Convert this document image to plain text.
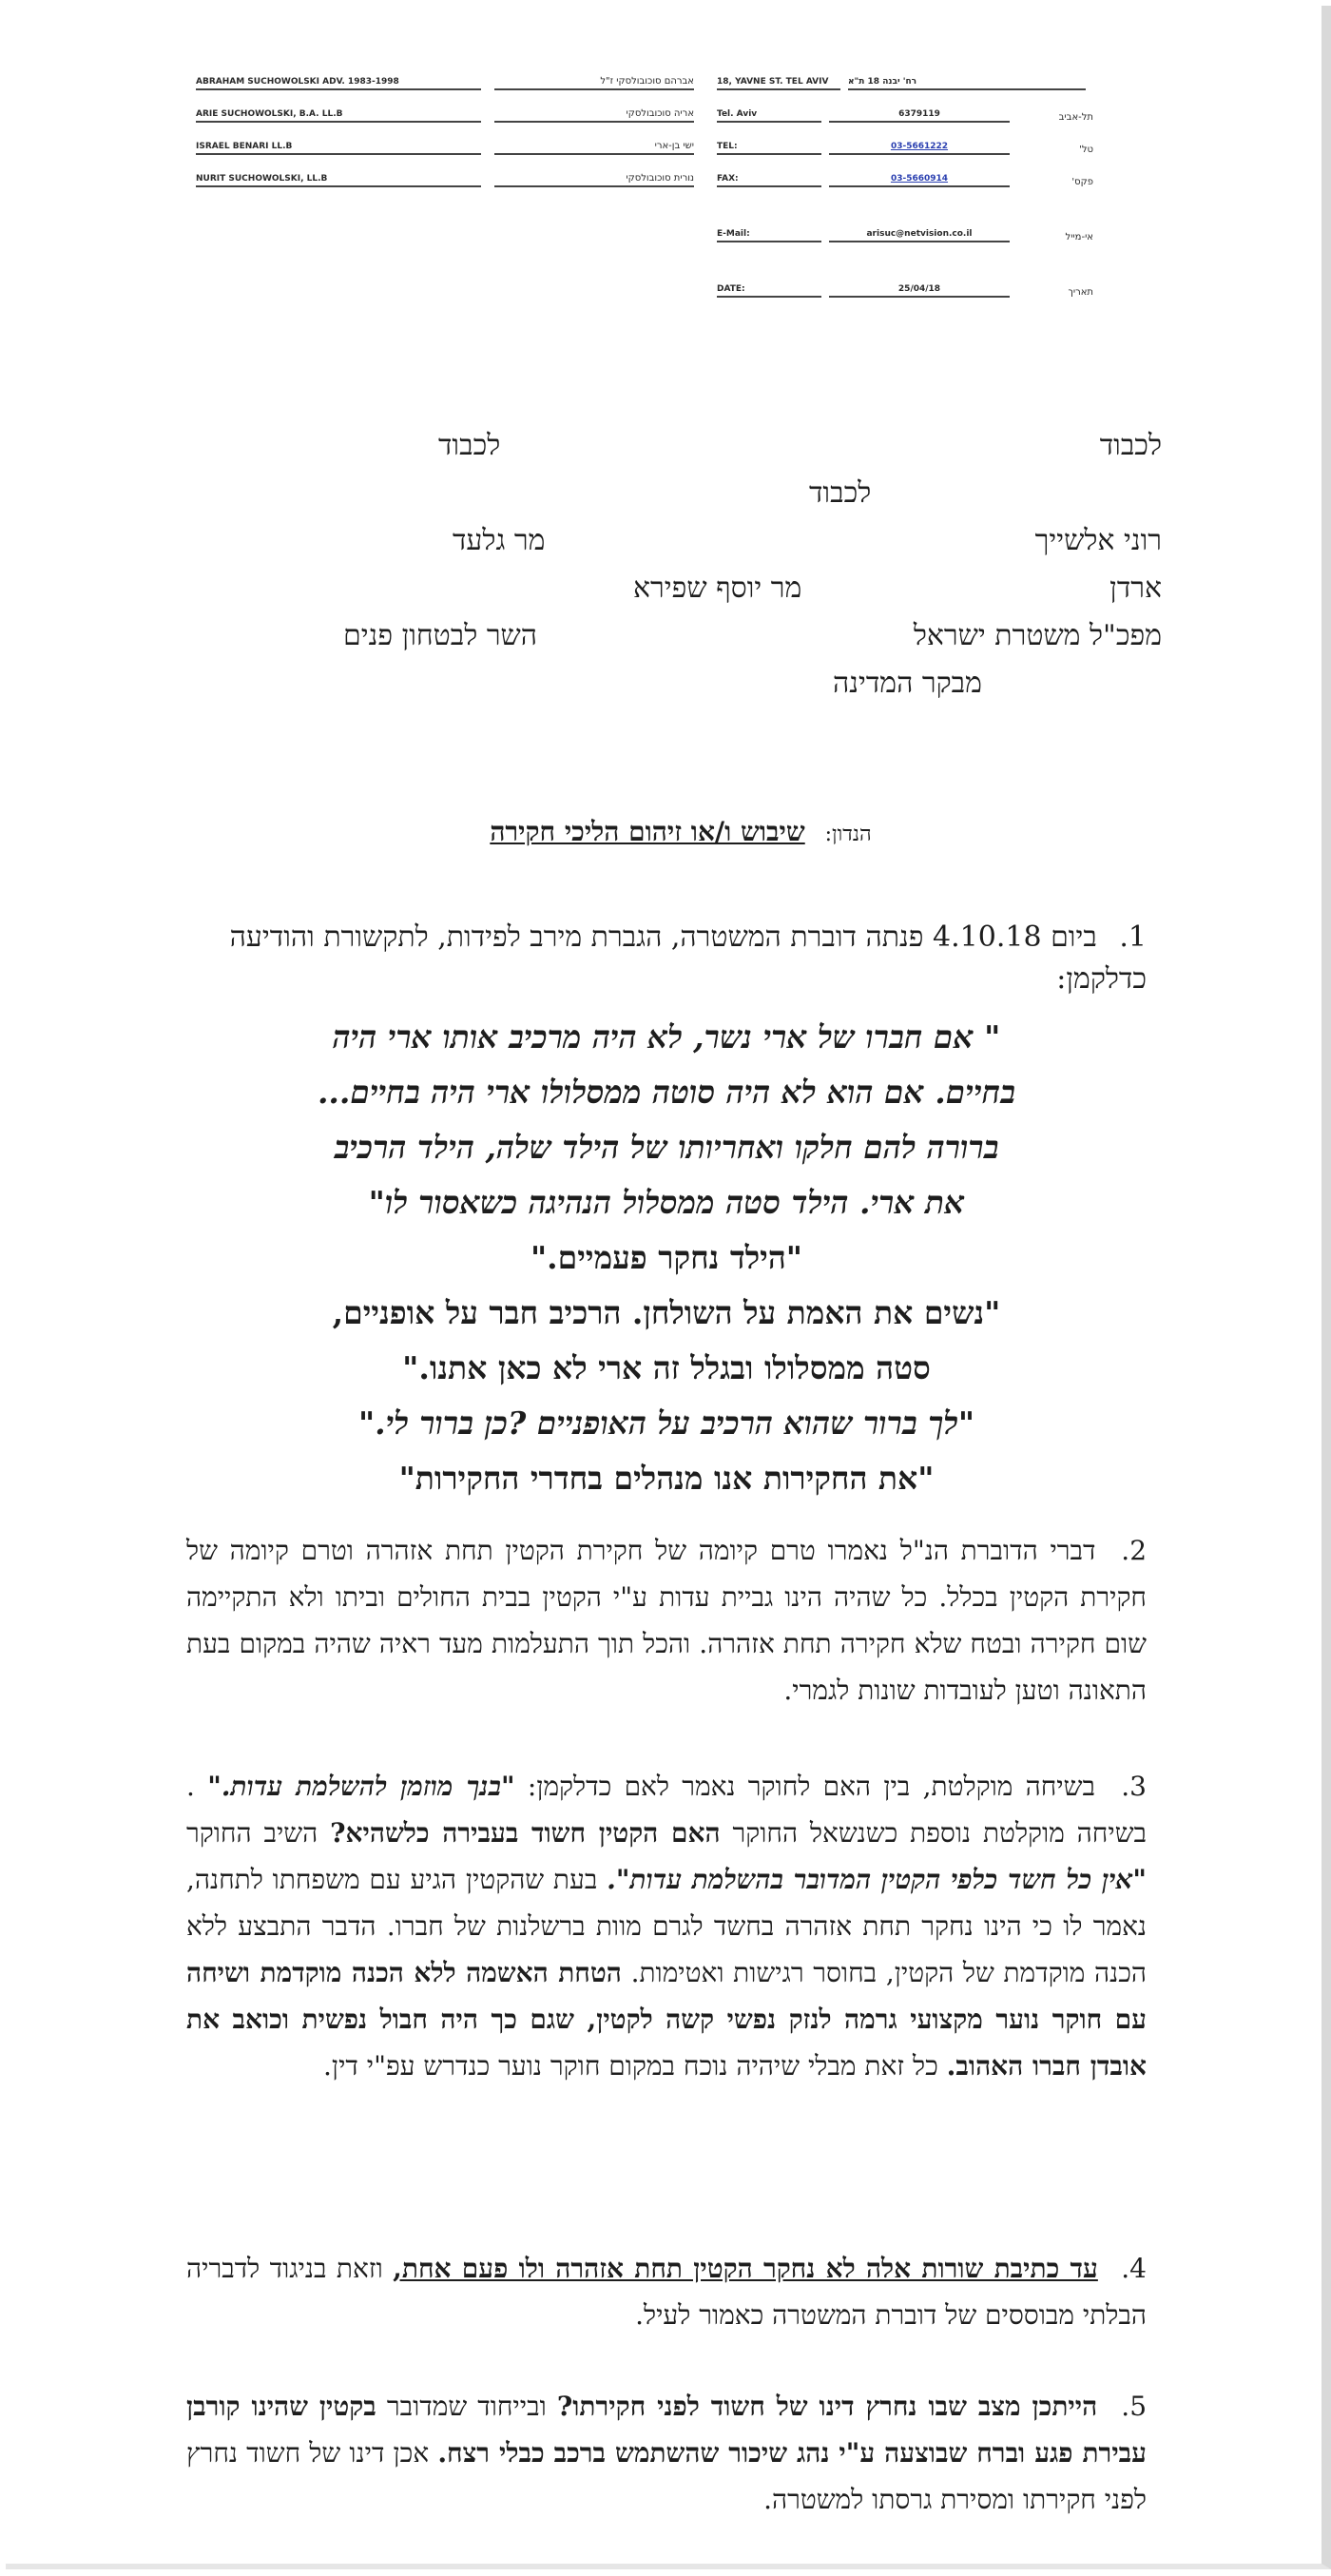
ABRAHAM SUCHOWOLSKI ADV. 1983-1998	אברהם סוכובולסקי ז"ל
ARIE SUCHOWOLSKI, B.A. LL.B	אריה סוכובולסקי
ISRAEL BENARI LL.B	ישי בן-ארי
NURIT SUCHOWOLSKI, LL.B	נורית סוכובולסקי
18, YAVNE ST. TEL AVIV	רח' יבנה 18 ת"א
Tel. Aviv	6379119	תל-אביב
TEL:	03-5661222	טל'
FAX:	03-5660914	פקס'
E-Mail:	arisuc@netvision.co.il	אי-מייל
DATE:	25/04/18	תאריך
לכבוד
לכבוד
לכבוד
רוני אלשייך
מר גלעד
ארדן
מר יוסף שפירא
מפכ"ל משטרת ישראל
השר לבטחון פנים
מבקר המדינה
הנדון: שיבוש ו/או זיהום הליכי חקירה
1. ביום 4.10.18 פנתה דוברת המשטרה, הגברת מירב לפידות, לתקשורת והודיעה כדלקמן:
" אם חברו של ארי נשר, לא היה מרכיב אותו ארי היה
בחיים. אם הוא לא היה סוטה ממסלולו ארי היה בחיים...
ברורה להם חלקו ואחריותו של הילד שלה, הילד הרכיב
את ארי. הילד סטה ממסלול הנהיגה כשאסור לו"
"הילד נחקר פעמיים."
"נשים את האמת על השולחן. הרכיב חבר על אופניים,
סטה ממסלולו ובגלל זה ארי לא כאן אתנו."
"לך ברור שהוא הרכיב על האופניים ?כן ברור לי."
"את החקירות אנו מנהלים בחדרי החקירות"
2. דברי הדוברת הנ"ל נאמרו טרם קיומה של חקירת הקטין תחת אזהרה וטרם קיומה של חקירת הקטין בכלל. כל שהיה הינו גביית עדות ע"י הקטין בבית החולים וביתו ולא התקיימה שום חקירה ובטח שלא חקירה תחת אזהרה. והכל תוך התעלמות מעד ראיה שהיה במקום בעת התאונה וטען לעובדות שונות לגמרי.
3. בשיחה מוקלטת, בין האם לחוקר נאמר לאם כדלקמן: "בנך מוזמן להשלמת עדות." . בשיחה מוקלטת נוספת כשנשאל החוקר האם הקטין חשוד בעבירה כלשהיא? השיב החוקר "אין כל חשד כלפי הקטין המדובר בהשלמת עדות". בעת שהקטין הגיע עם משפחתו לתחנה, נאמר לו כי הינו נחקר תחת אזהרה בחשד לגרם מוות ברשלנות של חברו. הדבר התבצע ללא הכנה מוקדמת של הקטין, בחוסר רגישות ואטימות. הטחת האשמה ללא הכנה מוקדמת ושיחה עם חוקר נוער מקצועי גרמה לנזק נפשי קשה לקטין, שגם כך היה חבול נפשית וכואב את אובדן חברו האהוב. כל זאת מבלי שיהיה נוכח במקום חוקר נוער כנדרש עפ"י דין.
4. עד כתיבת שורות אלה לא נחקר הקטין תחת אזהרה ולו פעם אחת, וזאת בניגוד לדבריה הבלתי מבוססים של דוברת המשטרה כאמור לעיל.
5. הייתכן מצב שבו נחרץ דינו של חשוד לפני חקירתו? ובייחוד שמדובר בקטין שהינו קורבן עבירת פגע וברח שבוצעה ע"י נהג שיכור שהשתמש ברכב כבלי רצח. אכן דינו של חשוד נחרץ לפני חקירתו ומסירת גרסתו למשטרה.
